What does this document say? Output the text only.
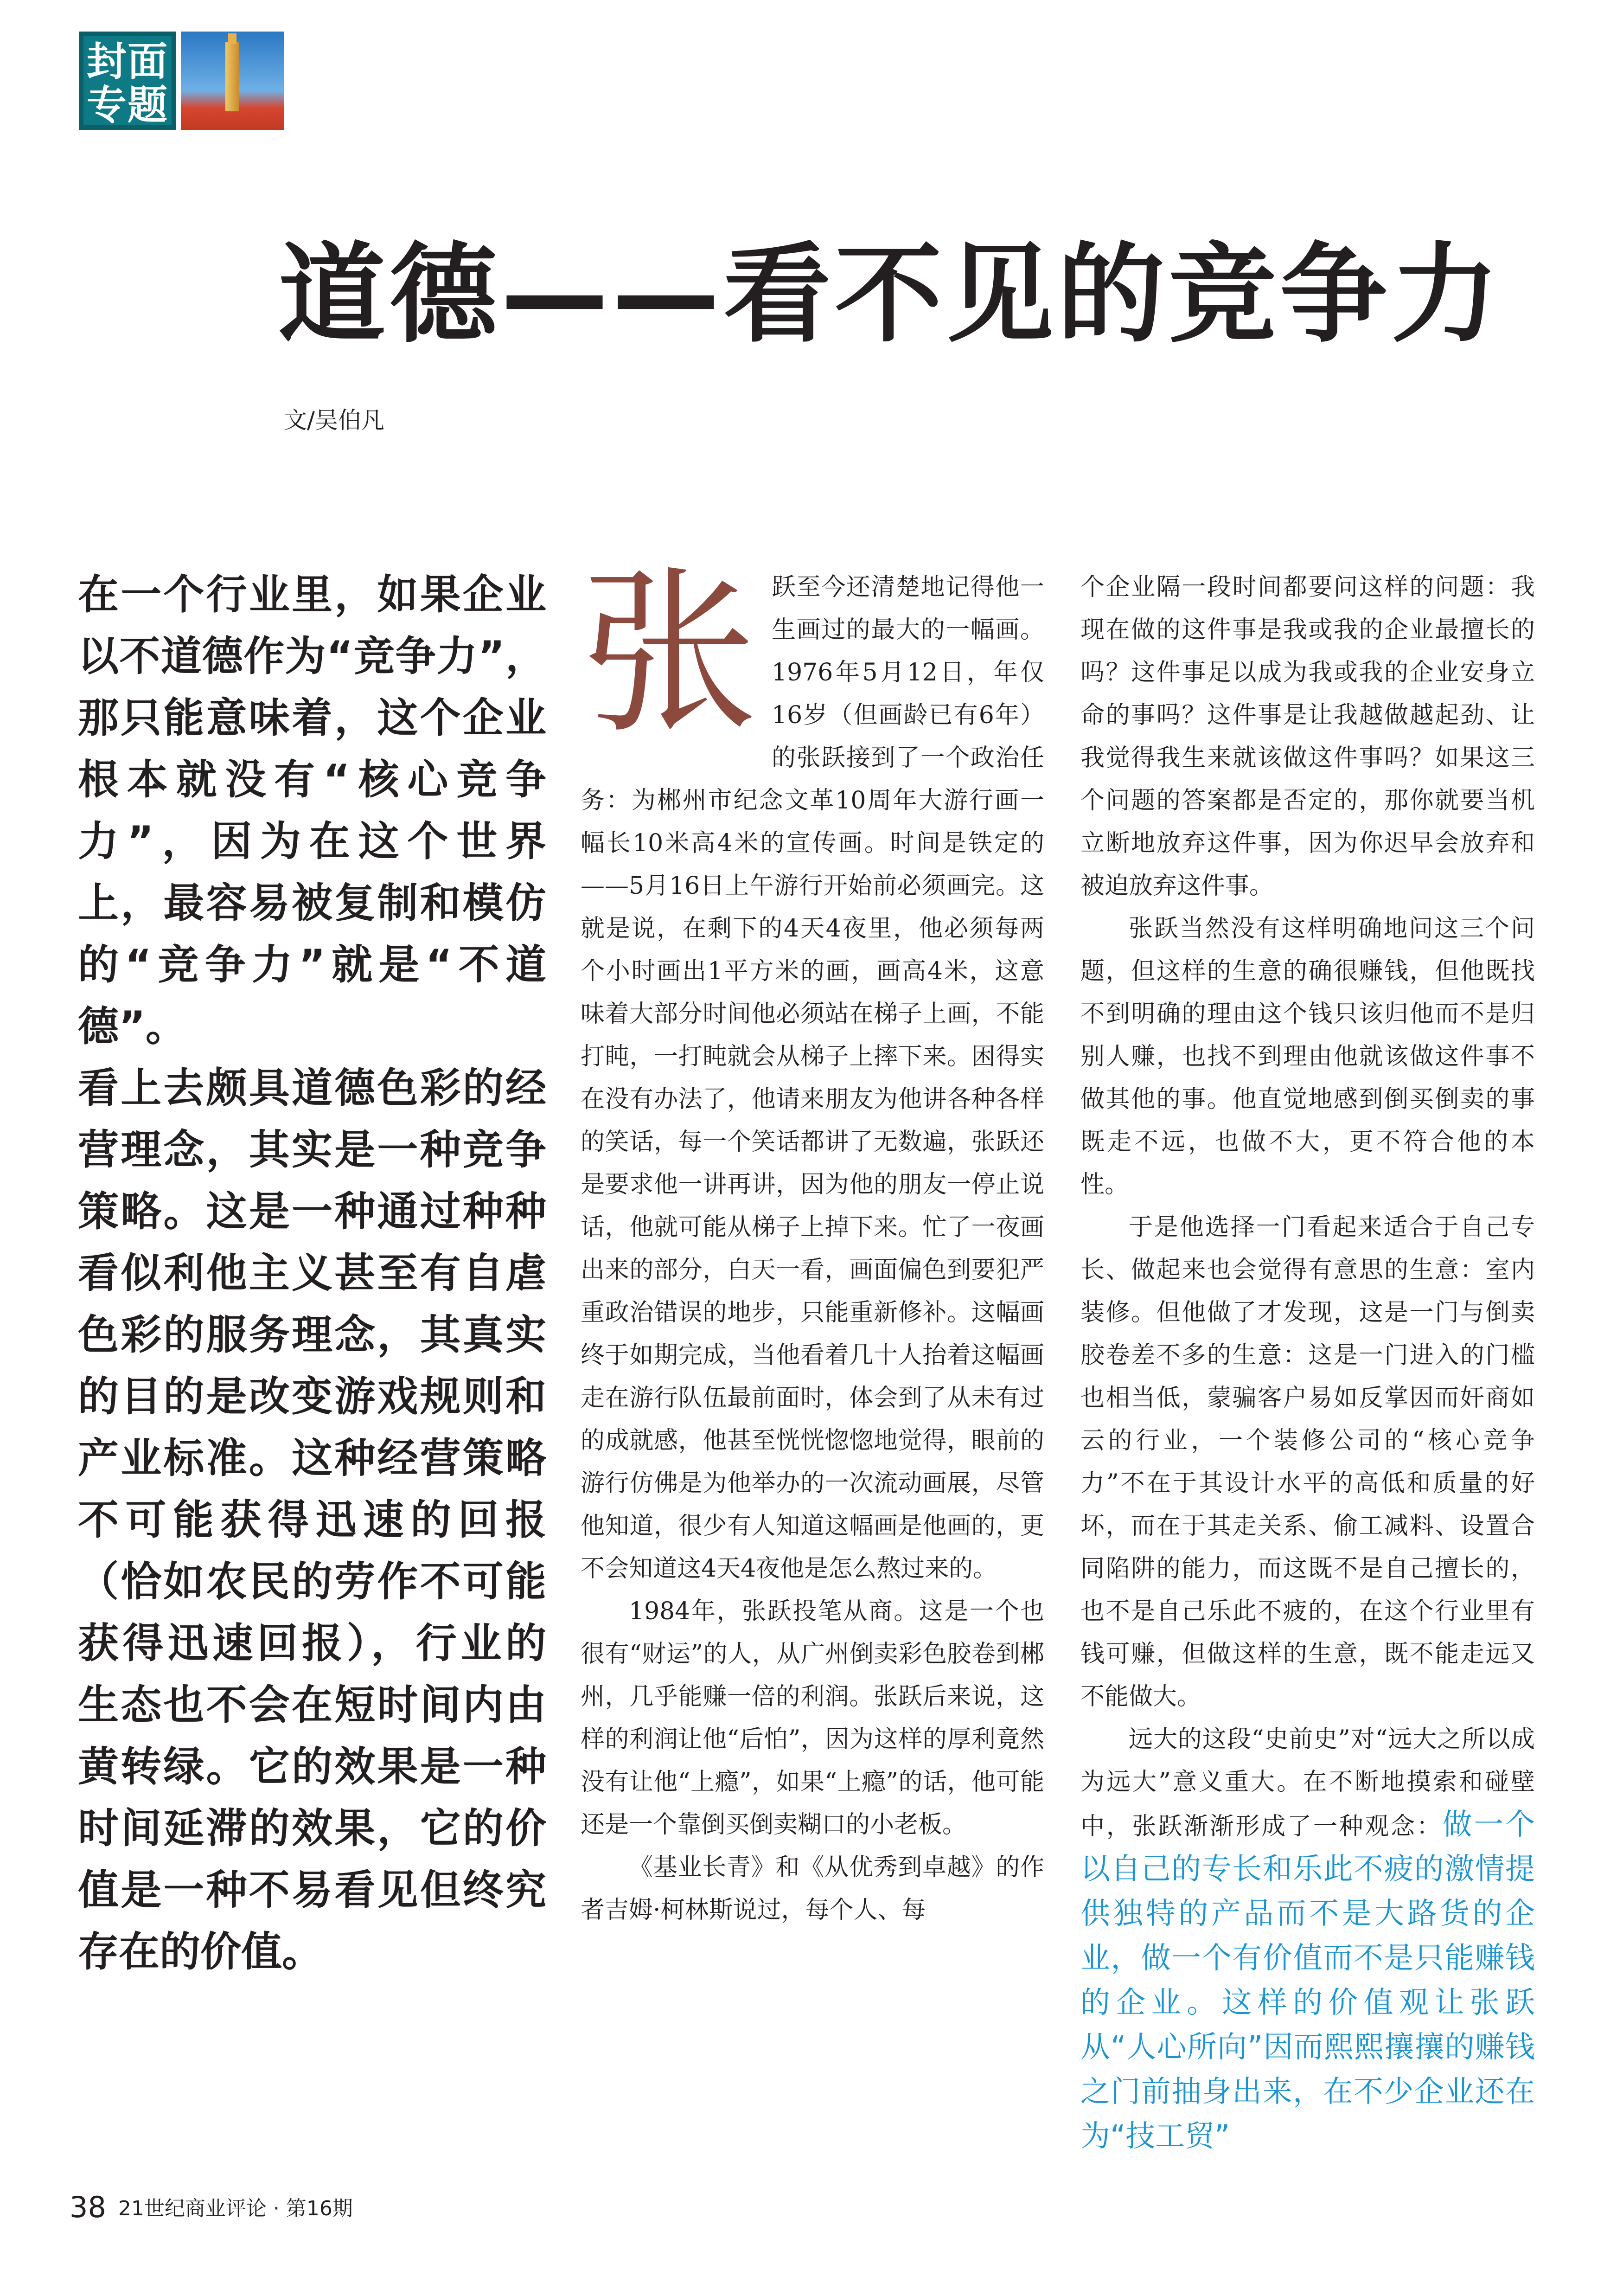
封面
专题
道德——看不见的竞争力
文/吴伯凡

在一个行业里，如果企业以不道德作为“竞争力”，那只能意味着，这个企业根本就没有“核心竞争力”，因为在这个世界上，最容易被复制和模仿的“竞争力”就是“不道德”。

看上去颇具道德色彩的经营理念，其实是一种竞争策略。这是一种通过种种看似利他主义甚至有自虐色彩的服务理念，其真实的目的是改变游戏规则和产业标准。这种经营策略不可能获得迅速的回报（恰如农民的劳作不可能获得迅速回报），行业的生态也不会在短时间内由黄转绿。它的效果是一种时间延滞的效果，它的价值是一种不易看见但终究存在的价值。

张跃至今还清楚地记得他一生画过的最大的一幅画。1976年5月12日，年仅16岁（但画龄已有6年）的张跃接到了一个政治任务：为郴州市纪念文革10周年大游行画一幅长10米高4米的宣传画。时间是铁定的——5月16日上午游行开始前必须画完。这就是说，在剩下的4天4夜里，他必须每两个小时画出1平方米的画，画高4米，这意味着大部分时间他必须站在梯子上画，不能打盹，一打盹就会从梯子上摔下来。困得实在没有办法了，他请来朋友为他讲各种各样的笑话，每一个笑话都讲了无数遍，张跃还是要求他一讲再讲，因为他的朋友一停止说话，他就可能从梯子上掉下来。忙了一夜画出来的部分，白天一看，画面偏色到要犯严重政治错误的地步，只能重新修补。这幅画终于如期完成，当他看着几十人抬着这幅画走在游行队伍最前面时，体会到了从未有过的成就感，他甚至恍恍惚惚地觉得，眼前的游行仿佛是为他举办的一次流动画展，尽管他知道，很少有人知道这幅画是他画的，更不会知道这4天4夜他是怎么熬过来的。

1984年，张跃投笔从商。这是一个也很有“财运”的人，从广州倒卖彩色胶卷到郴州，几乎能赚一倍的利润。张跃后来说，这样的利润让他“后怕”，因为这样的厚利竟然没有让他“上瘾”，如果“上瘾”的话，他可能还是一个靠倒买倒卖糊口的小老板。

《基业长青》和《从优秀到卓越》的作者吉姆·柯林斯说过，每个人、每

个企业隔一段时间都要问这样的问题：我现在做的这件事是我或我的企业最擅长的吗？这件事足以成为我或我的企业安身立命的事吗？这件事是让我越做越起劲、让我觉得我生来就该做这件事吗？如果这三个问题的答案都是否定的，那你就要当机立断地放弃这件事，因为你迟早会放弃和被迫放弃这件事。

张跃当然没有这样明确地问这三个问题，但这样的生意的确很赚钱，但他既找不到明确的理由这个钱只该归他而不是归别人赚，也找不到理由他就该做这件事不做其他的事。他直觉地感到倒买倒卖的事既走不远，也做不大，更不符合他的本性。

于是他选择一门看起来适合于自己专长、做起来也会觉得有意思的生意：室内装修。但他做了才发现，这是一门与倒卖胶卷差不多的生意：这是一门进入的门槛也相当低，蒙骗客户易如反掌因而奸商如云的行业，一个装修公司的“核心竞争力”不在于其设计水平的高低和质量的好坏，而在于其走关系、偷工减料、设置合同陷阱的能力，而这既不是自己擅长的，也不是自己乐此不疲的，在这个行业里有钱可赚，但做这样的生意，既不能走远又不能做大。

远大的这段“史前史”对“远大之所以成为远大”意义重大。在不断地摸索和碰壁中，张跃渐渐形成了一种观念：做一个以自己的专长和乐此不疲的激情提供独特的产品而不是大路货的企业，做一个有价值而不是只能赚钱的企业。这样的价值观让张跃从“人心所向”因而熙熙攘攘的赚钱之门前抽身出来，在不少企业还在为“技工贸”

38 21世纪商业评论 · 第16期
